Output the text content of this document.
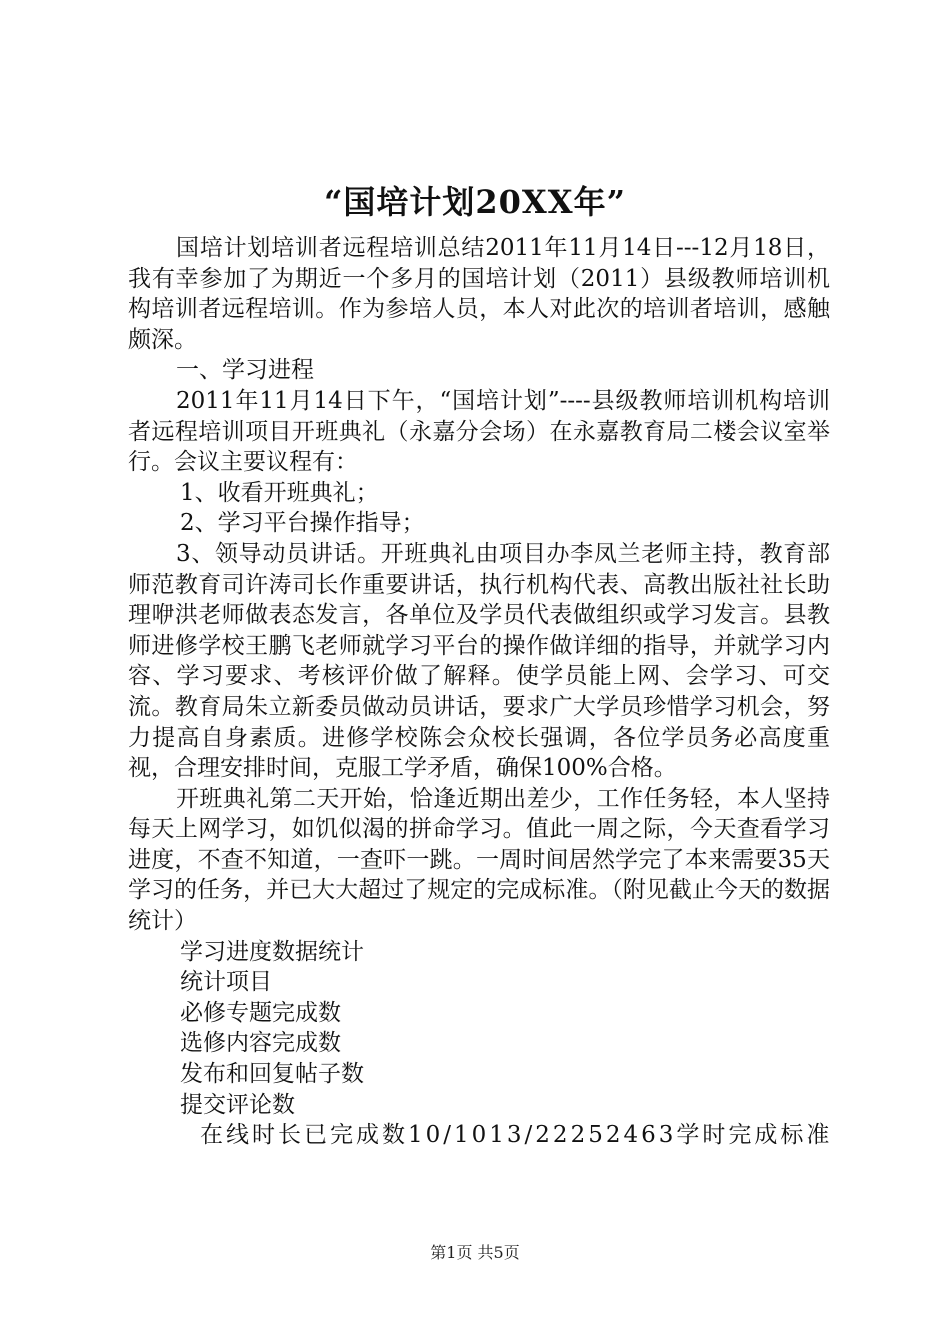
“国培计划20XX年”

国培计划培训者远程培训总结2011年11月14日---12月18日，我有幸参加了为期近一个多月的国培计划（2011）县级教师培训机构培训者远程培训。作为参培人员，本人对此次的培训者培训，感触颇深。

一、学习进程

2011年11月14日下午，“国培计划”----县级教师培训机构培训者远程培训项目开班典礼（永嘉分会场）在永嘉教育局二楼会议室举行。会议主要议程有：

1、收看开班典礼；

2、学习平台操作指导；

3、领导动员讲话。开班典礼由项目办李凤兰老师主持，教育部师范教育司许涛司长作重要讲话，执行机构代表、高教出版社社长助理咿洪老师做表态发言，各单位及学员代表做组织或学习发言。县教师进修学校王鹏飞老师就学习平台的操作做详细的指导，并就学习内容、学习要求、考核评价做了解释。使学员能上网、会学习、可交流。教育局朱立新委员做动员讲话，要求广大学员珍惜学习机会，努力提高自身素质。进修学校陈会众校长强调，各位学员务必高度重视，合理安排时间，克服工学矛盾，确保100%合格。

开班典礼第二天开始，恰逢近期出差少，工作任务轻，本人坚持每天上网学习，如饥似渴的拼命学习。值此一周之际，今天查看学习进度，不查不知道，一查吓一跳。一周时间居然学完了本来需要35天学习的任务，并已大大超过了规定的完成标准。（附见截止今天的数据统计）

学习进度数据统计

统计项目

必修专题完成数

选修内容完成数

发布和回复帖子数

提交评论数

在线时长已完成数10/1013/22252463学时完成标准

第1页 共5页
